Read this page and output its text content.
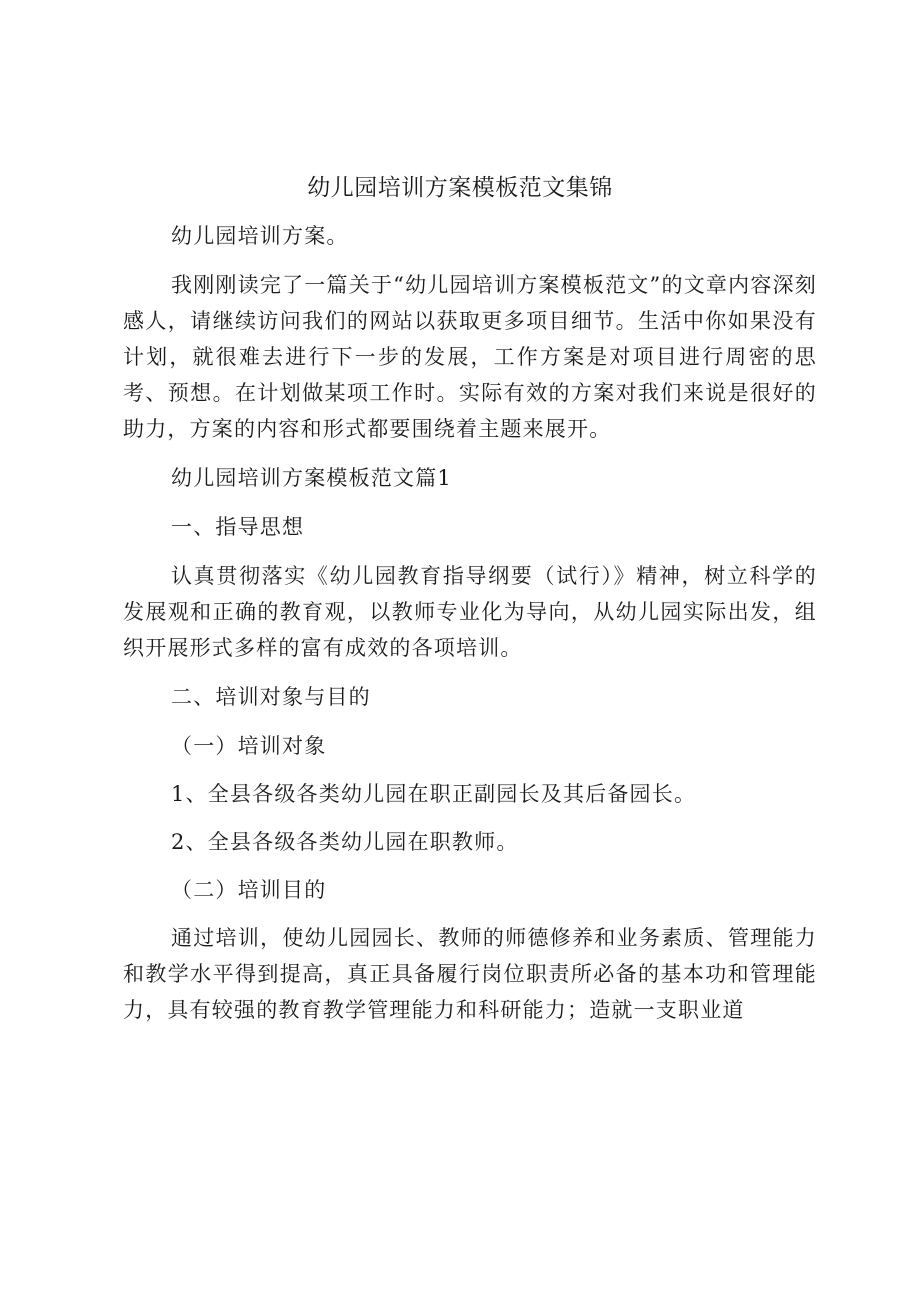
幼儿园培训方案模板范文集锦

幼儿园培训方案。

我刚刚读完了一篇关于“幼儿园培训方案模板范文”的文章内容深刻感人，请继续访问我们的网站以获取更多项目细节。生活中你如果没有计划，就很难去进行下一步的发展，工作方案是对项目进行周密的思考、预想。在计划做某项工作时。实际有效的方案对我们来说是很好的助力，方案的内容和形式都要围绕着主题来展开。

幼儿园培训方案模板范文篇1

一、指导思想

认真贯彻落实《幼儿园教育指导纲要（试行）》精神，树立科学的发展观和正确的教育观，以教师专业化为导向，从幼儿园实际出发，组织开展形式多样的富有成效的各项培训。

二、培训对象与目的

（一）培训对象

1、全县各级各类幼儿园在职正副园长及其后备园长。

2、全县各级各类幼儿园在职教师。

（二）培训目的

通过培训，使幼儿园园长、教师的师德修养和业务素质、管理能力和教学水平得到提高，真正具备履行岗位职责所必备的基本功和管理能力，具有较强的教育教学管理能力和科研能力；造就一支职业道
